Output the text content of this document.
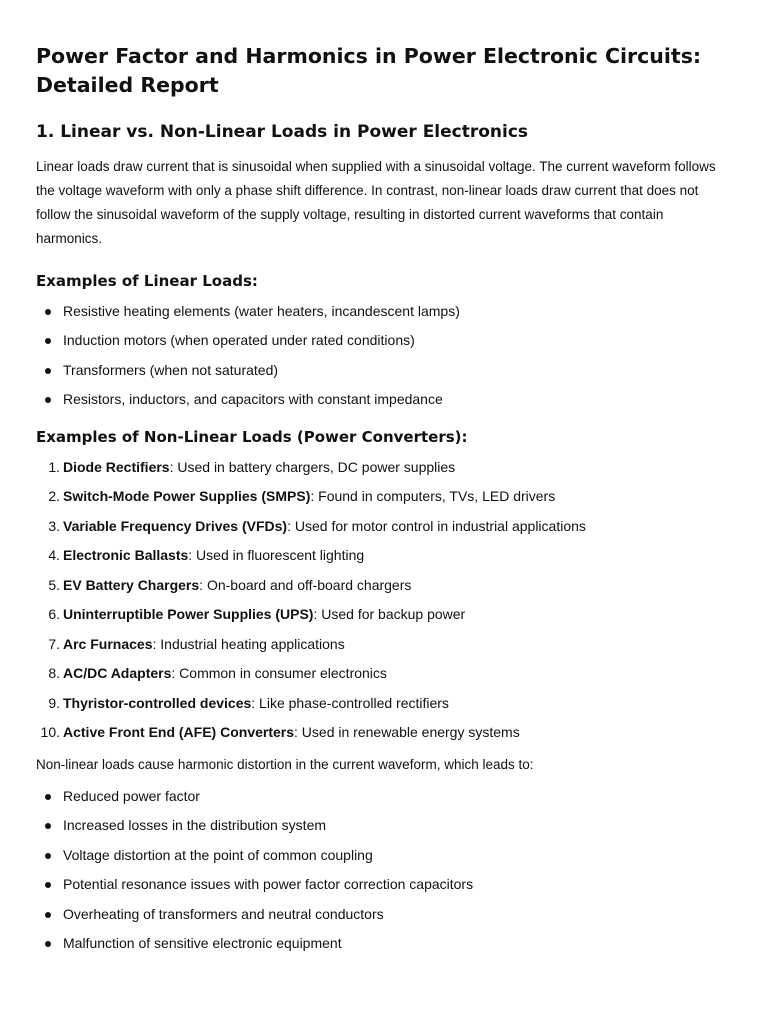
Power Factor and Harmonics in Power Electronic Circuits:
Detailed Report
1. Linear vs. Non-Linear Loads in Power Electronics

Linear loads draw current that is sinusoidal when supplied with a sinusoidal voltage. The current waveform follows the voltage waveform with only a phase shift difference. In contrast, non-linear loads draw current that does not follow the sinusoidal waveform of the supply voltage, resulting in distorted current waveforms that contain harmonics.

Examples of Linear Loads:
Resistive heating elements (water heaters, incandescent lamps)
Induction motors (when operated under rated conditions)
Transformers (when not saturated)
Resistors, inductors, and capacitors with constant impedance
Examples of Non-Linear Loads (Power Converters):
1. Diode Rectifiers: Used in battery chargers, DC power supplies
2. Switch-Mode Power Supplies (SMPS): Found in computers, TVs, LED drivers
3. Variable Frequency Drives (VFDs): Used for motor control in industrial applications
4. Electronic Ballasts: Used in fluorescent lighting
5. EV Battery Chargers: On-board and off-board chargers
6. Uninterruptible Power Supplies (UPS): Used for backup power
7. Arc Furnaces: Industrial heating applications
8. AC/DC Adapters: Common in consumer electronics
9. Thyristor-controlled devices: Like phase-controlled rectifiers
10. Active Front End (AFE) Converters: Used in renewable energy systems

Non-linear loads cause harmonic distortion in the current waveform, which leads to:

Reduced power factor
Increased losses in the distribution system
Voltage distortion at the point of common coupling
Potential resonance issues with power factor correction capacitors
Overheating of transformers and neutral conductors
Malfunction of sensitive electronic equipment
